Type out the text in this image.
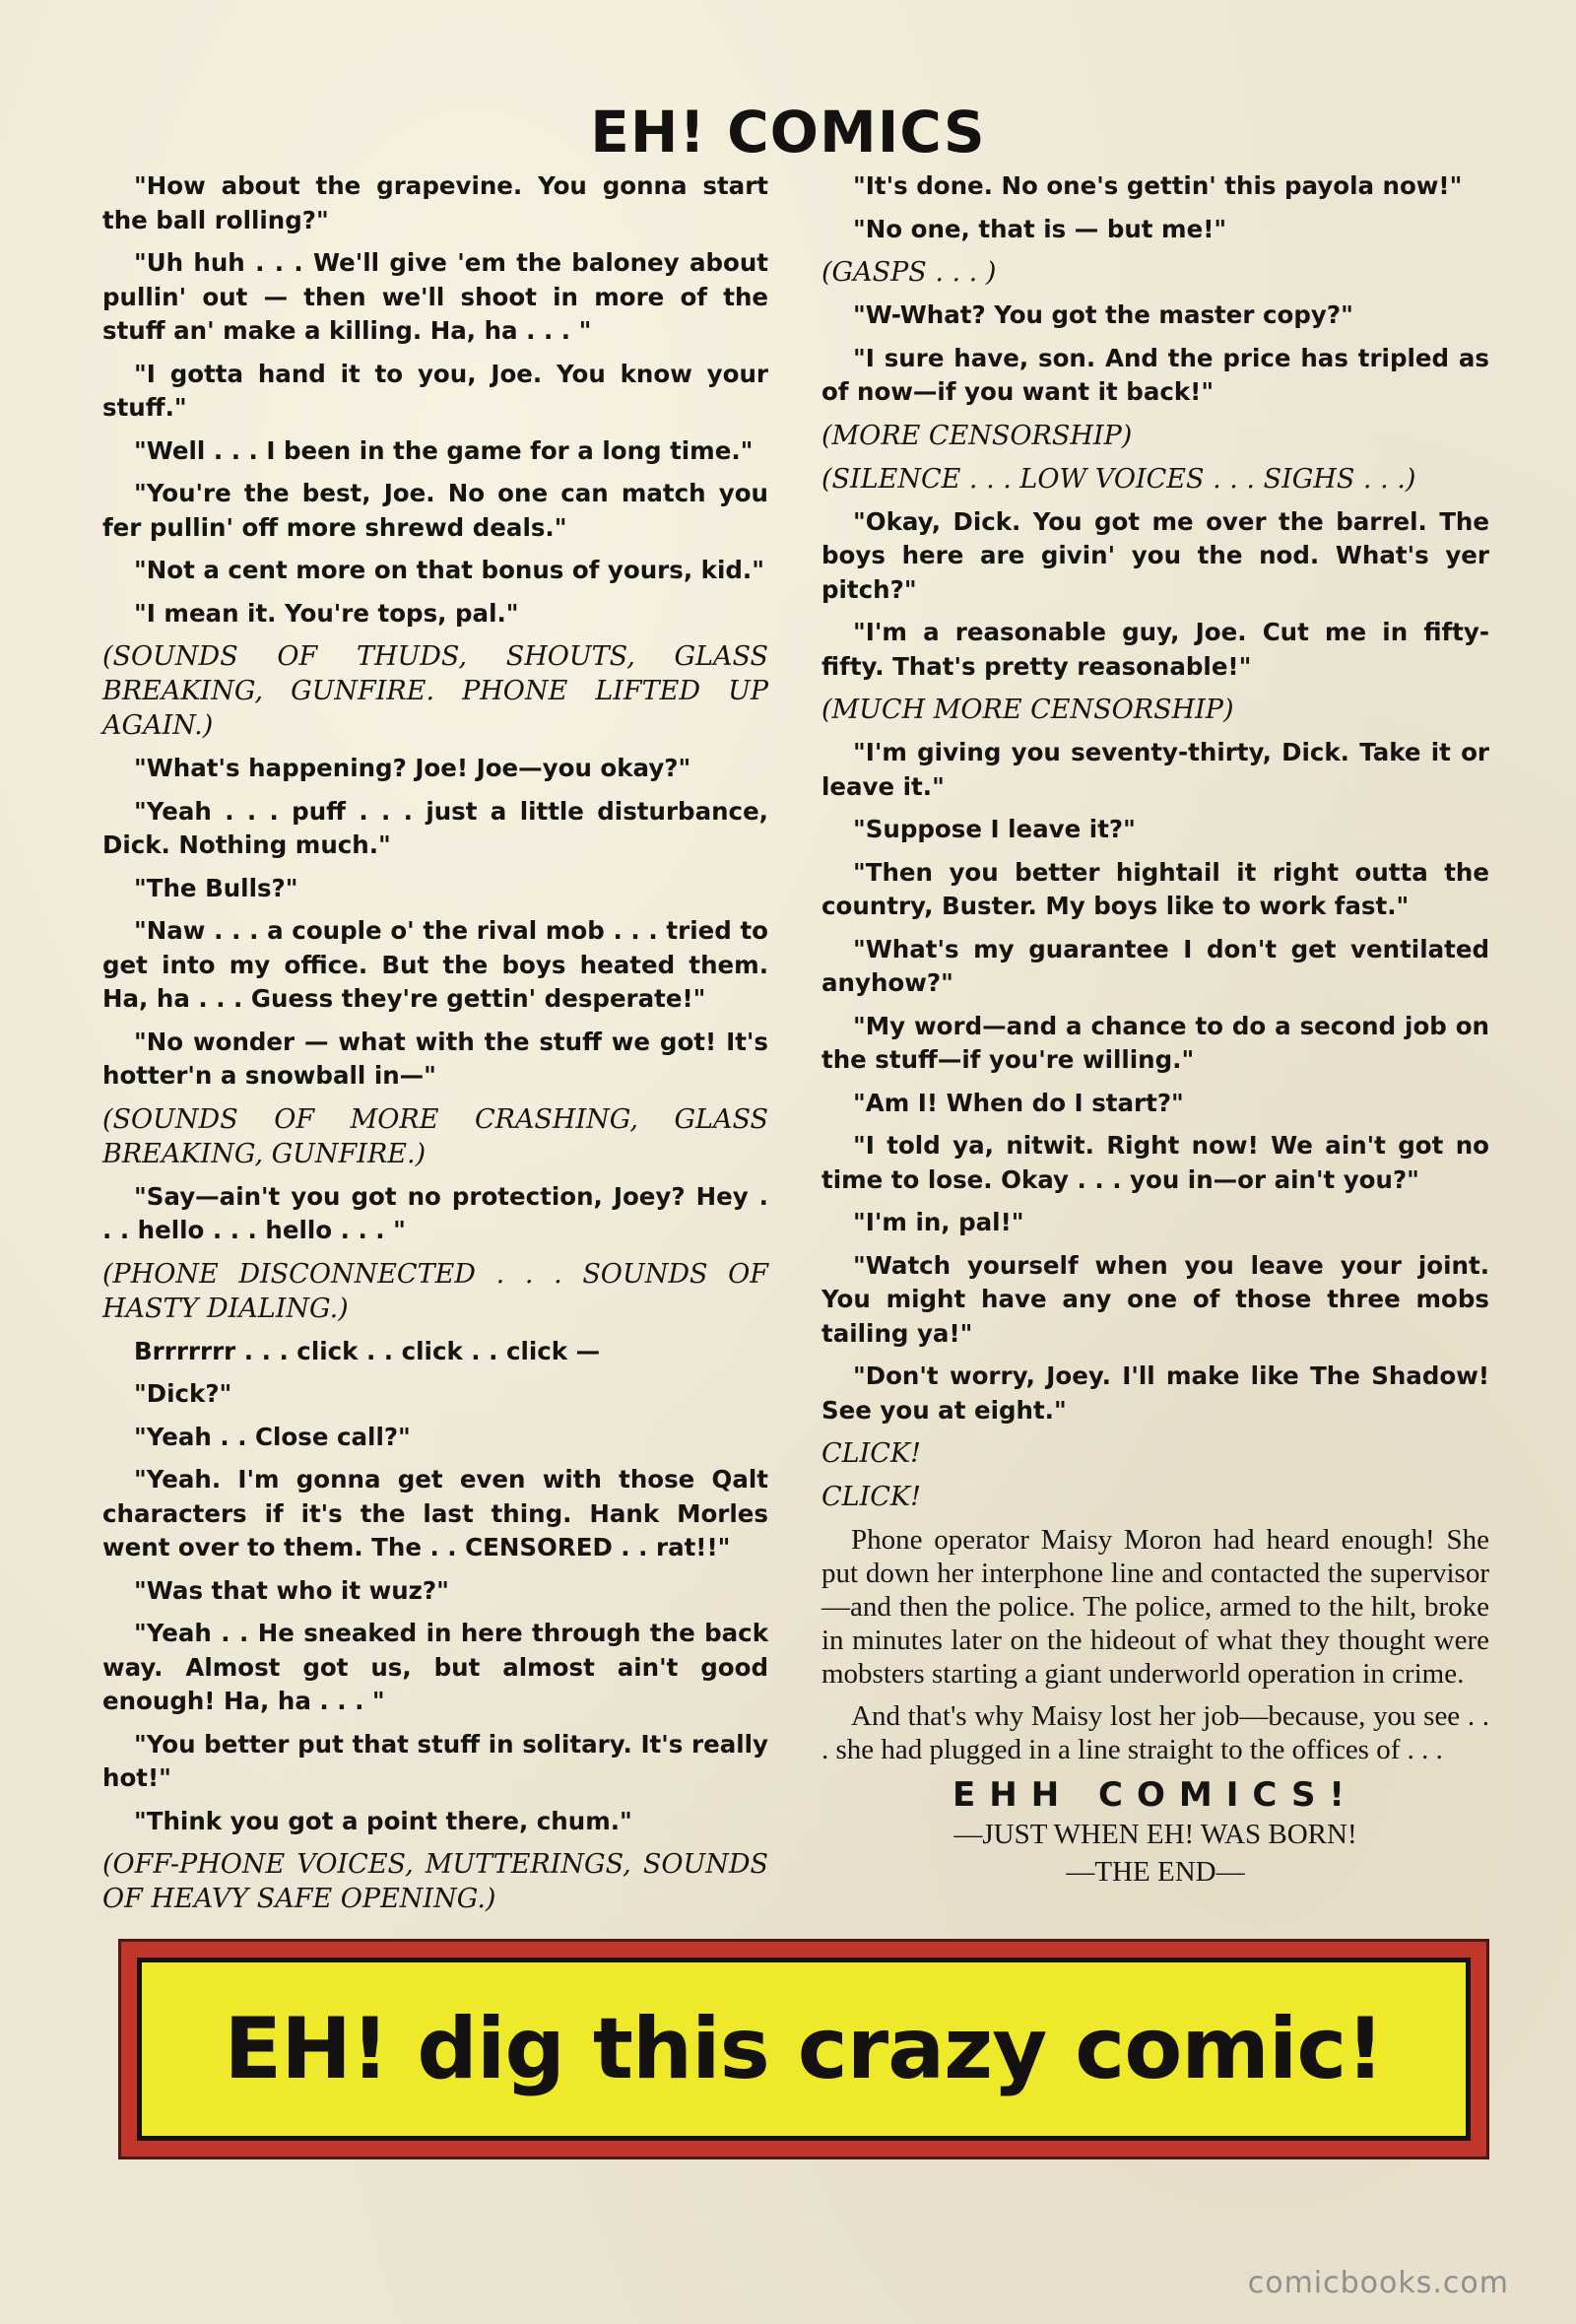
EH! COMICS

"How about the grapevine. You gonna start the ball rolling?"

"Uh huh . . . We'll give 'em the baloney about pullin' out — then we'll shoot in more of the stuff an' make a killing. Ha, ha . . . "

"I gotta hand it to you, Joe. You know your stuff."

"Well . . . I been in the game for a long time."

"You're the best, Joe. No one can match you fer pullin' off more shrewd deals."

"Not a cent more on that bonus of yours, kid."

"I mean it. You're tops, pal."

(SOUNDS OF THUDS, SHOUTS, GLASS BREAKING, GUNFIRE. PHONE LIFTED UP AGAIN.)

"What's happening? Joe! Joe—you okay?"

"Yeah . . . puff . . . just a little disturbance, Dick. Nothing much."

"The Bulls?"

"Naw . . . a couple o' the rival mob . . . tried to get into my office. But the boys heated them. Ha, ha . . . Guess they're gettin' desperate!"

"No wonder — what with the stuff we got! It's hotter'n a snowball in—"

(SOUNDS OF MORE CRASHING, GLASS BREAKING, GUNFIRE.)

"Say—ain't you got no protection, Joey? Hey . . . hello . . . hello . . . "

(PHONE DISCONNECTED . . . SOUNDS OF HASTY DIALING.)

Brrrrrrr . . . click . . click . . click —

"Dick?"

"Yeah . . Close call?"

"Yeah. I'm gonna get even with those Qalt characters if it's the last thing. Hank Morles went over to them. The . . CENSORED . . rat!!"

"Was that who it wuz?"

"Yeah . . He sneaked in here through the back way. Almost got us, but almost ain't good enough! Ha, ha . . . "

"You better put that stuff in solitary. It's really hot!"

"Think you got a point there, chum."

(OFF-PHONE VOICES, MUTTERINGS, SOUNDS OF HEAVY SAFE OPENING.)

"It's done. No one's gettin' this payola now!"

"No one, that is — but me!"

(GASPS . . . )

"W-What? You got the master copy?"

"I sure have, son. And the price has tripled as of now—if you want it back!"

(MORE CENSORSHIP)

(SILENCE . . . LOW VOICES . . . SIGHS . . .)

"Okay, Dick. You got me over the barrel. The boys here are givin' you the nod. What's yer pitch?"

"I'm a reasonable guy, Joe. Cut me in fifty-fifty. That's pretty reasonable!"

(MUCH MORE CENSORSHIP)

"I'm giving you seventy-thirty, Dick. Take it or leave it."

"Suppose I leave it?"

"Then you better hightail it right outta the country, Buster. My boys like to work fast."

"What's my guarantee I don't get ventilated anyhow?"

"My word—and a chance to do a second job on the stuff—if you're willing."

"Am I! When do I start?"

"I told ya, nitwit. Right now! We ain't got no time to lose. Okay . . . you in—or ain't you?"

"I'm in, pal!"

"Watch yourself when you leave your joint. You might have any one of those three mobs tailing ya!"

"Don't worry, Joey. I'll make like The Shadow! See you at eight."

CLICK!

CLICK!

Phone operator Maisy Moron had heard enough! She put down her interphone line and contacted the supervisor—and then the police. The police, armed to the hilt, broke in minutes later on the hideout of what they thought were mobsters starting a giant underworld operation in crime.

And that's why Maisy lost her job—because, you see . . . she had plugged in a line straight to the offices of . . .

EHH COMICS!

—JUST WHEN EH! WAS BORN!

—THE END—

EH! dig this crazy comic!
comicbooks.com
